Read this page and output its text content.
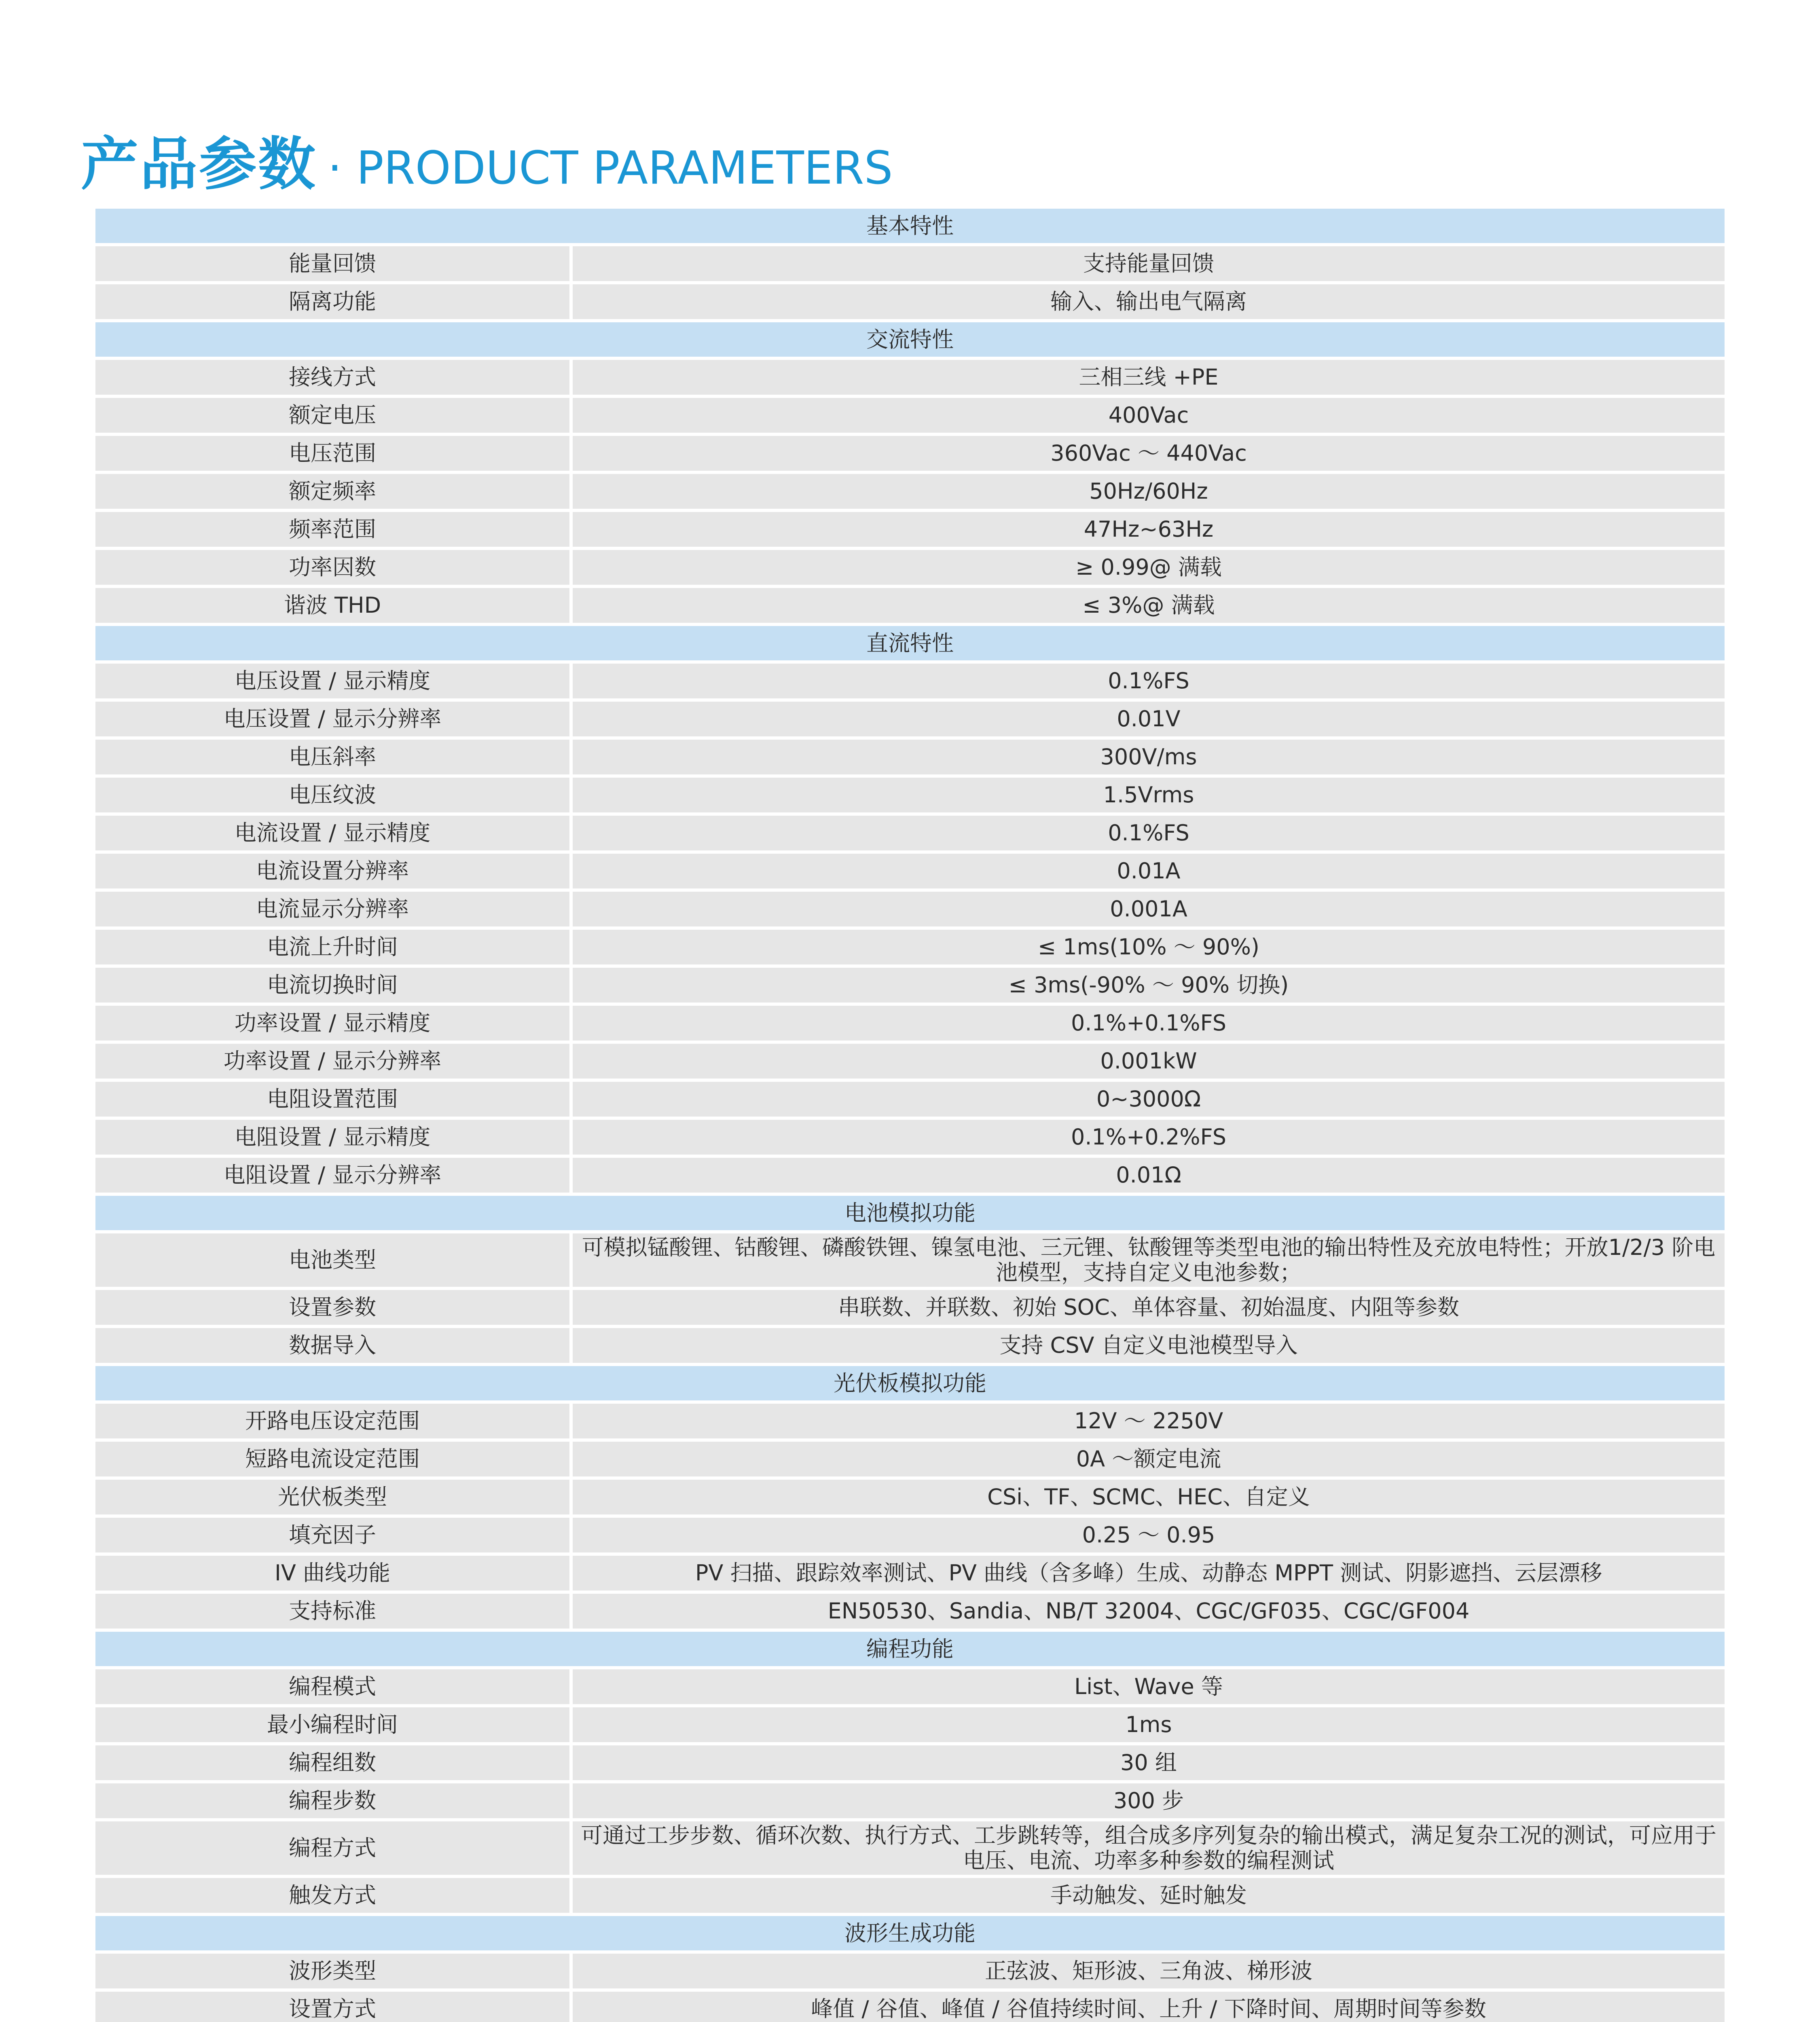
产品参数 · PRODUCT PARAMETERS
基本特性	
能量回馈	支持能量回馈
隔离功能	输入、输出电气隔离
交流特性	
接线方式	三相三线 +PE
额定电压	400Vac
电压范围	360Vac ～ 440Vac
额定频率	50Hz/60Hz
频率范围	47Hz~63Hz
功率因数	≥ 0.99@ 满载
谐波 THD	≤ 3%@ 满载
直流特性	
电压设置 / 显示精度	0.1%FS
电压设置 / 显示分辨率	0.01V
电压斜率	300V/ms
电压纹波	1.5Vrms
电流设置 / 显示精度	0.1%FS
电流设置分辨率	0.01A
电流显示分辨率	0.001A
电流上升时间	≤ 1ms(10% ～ 90%)
电流切换时间	≤ 3ms(-90% ～ 90% 切换)
功率设置 / 显示精度	0.1%+0.1%FS
功率设置 / 显示分辨率	0.001kW
电阻设置范围	0~3000Ω
电阻设置 / 显示精度	0.1%+0.2%FS
电阻设置 / 显示分辨率	0.01Ω
电池模拟功能	
电池类型	可模拟锰酸锂、钴酸锂、磷酸铁锂、镍氢电池、三元锂、钛酸锂等类型电池的输出特性及充放电特性；开放1/2/3 阶电池模型，支持自定义电池参数；
设置参数	串联数、并联数、初始 SOC、单体容量、初始温度、内阻等参数
数据导入	支持 CSV 自定义电池模型导入
光伏板模拟功能	
开路电压设定范围	12V ～ 2250V
短路电流设定范围	0A ～额定电流
光伏板类型	CSi、TF、SCMC、HEC、自定义
填充因子	0.25 ～ 0.95
IV 曲线功能	PV 扫描、跟踪效率测试、PV 曲线（含多峰）生成、动静态 MPPT 测试、阴影遮挡、云层漂移
支持标准	EN50530、Sandia、NB/T 32004、CGC/GF035、CGC/GF004
编程功能	
编程模式	List、Wave 等
最小编程时间	1ms
编程组数	30 组
编程步数	300 步
编程方式	可通过工步步数、循环次数、执行方式、工步跳转等，组合成多序列复杂的输出模式，满足复杂工况的测试，可应用于电压、电流、功率多种参数的编程测试
触发方式	手动触发、延时触发
波形生成功能	
波形类型	正弦波、矩形波、三角波、梯形波
设置方式	峰值 / 谷值、峰值 / 谷值持续时间、上升 / 下降时间、周期时间等参数
